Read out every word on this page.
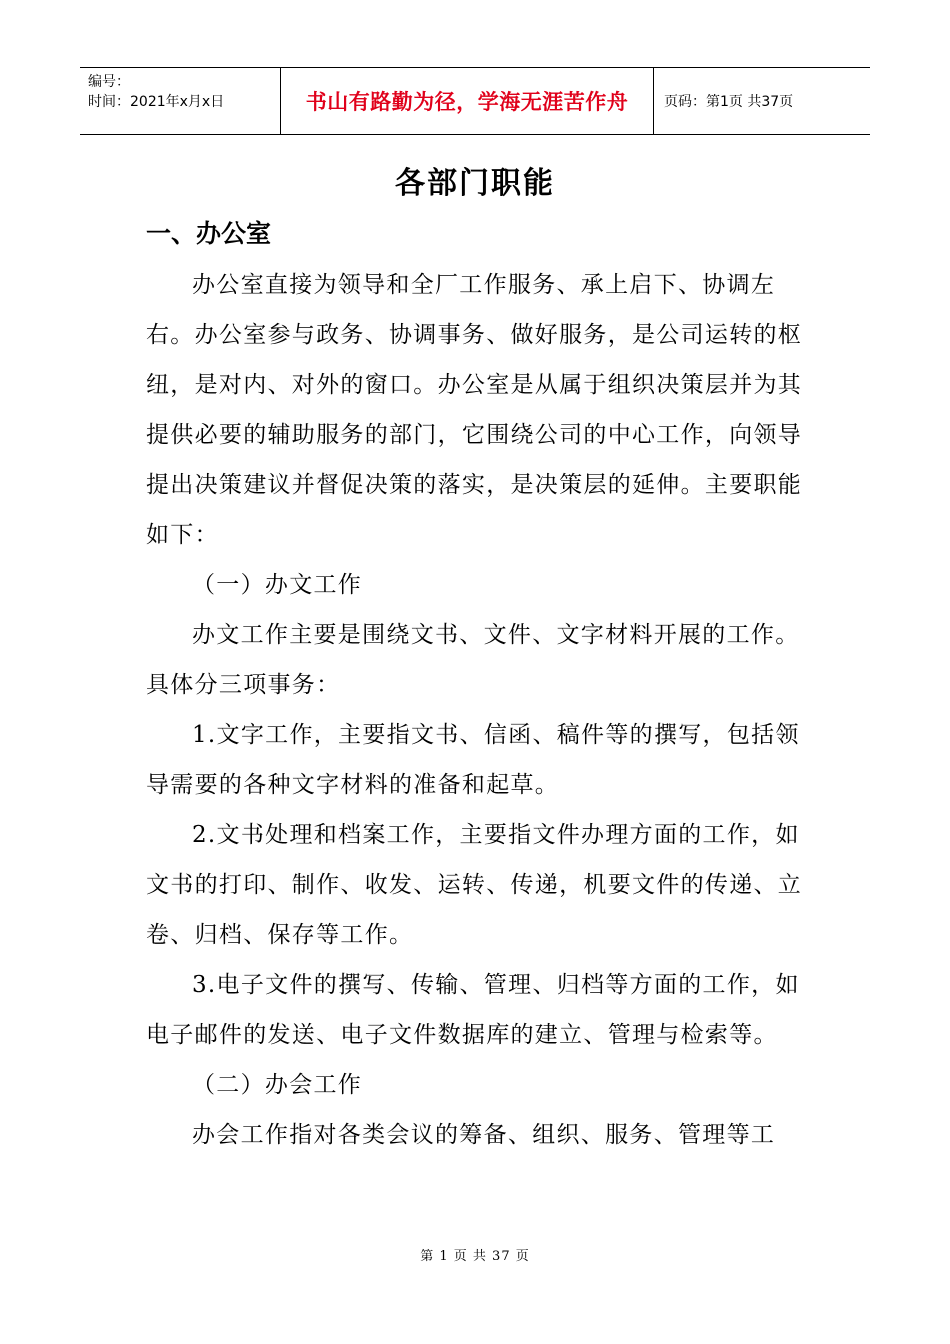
编号：
时间：2021年x月x日	书山有路勤为径，学海无涯苦作舟	页码：第1页 共37页
各部门职能
一、办公室

办公室直接为领导和全厂工作服务、承上启下、协调左右。办公室参与政务、协调事务、做好服务，是公司运转的枢纽，是对内、对外的窗口。办公室是从属于组织决策层并为其提供必要的辅助服务的部门，它围绕公司的中心工作，向领导提出决策建议并督促决策的落实，是决策层的延伸。主要职能如下：

（一）办文工作

办文工作主要是围绕文书、文件、文字材料开展的工作。具体分三项事务：

1.文字工作，主要指文书、信函、稿件等的撰写，包括领导需要的各种文字材料的准备和起草。

2.文书处理和档案工作，主要指文件办理方面的工作，如文书的打印、制作、收发、运转、传递，机要文件的传递、立卷、归档、保存等工作。

3.电子文件的撰写、传输、管理、归档等方面的工作，如电子邮件的发送、电子文件数据库的建立、管理与检索等。

（二）办会工作

办会工作指对各类会议的筹备、组织、服务、管理等工

第 1 页 共 37 页
